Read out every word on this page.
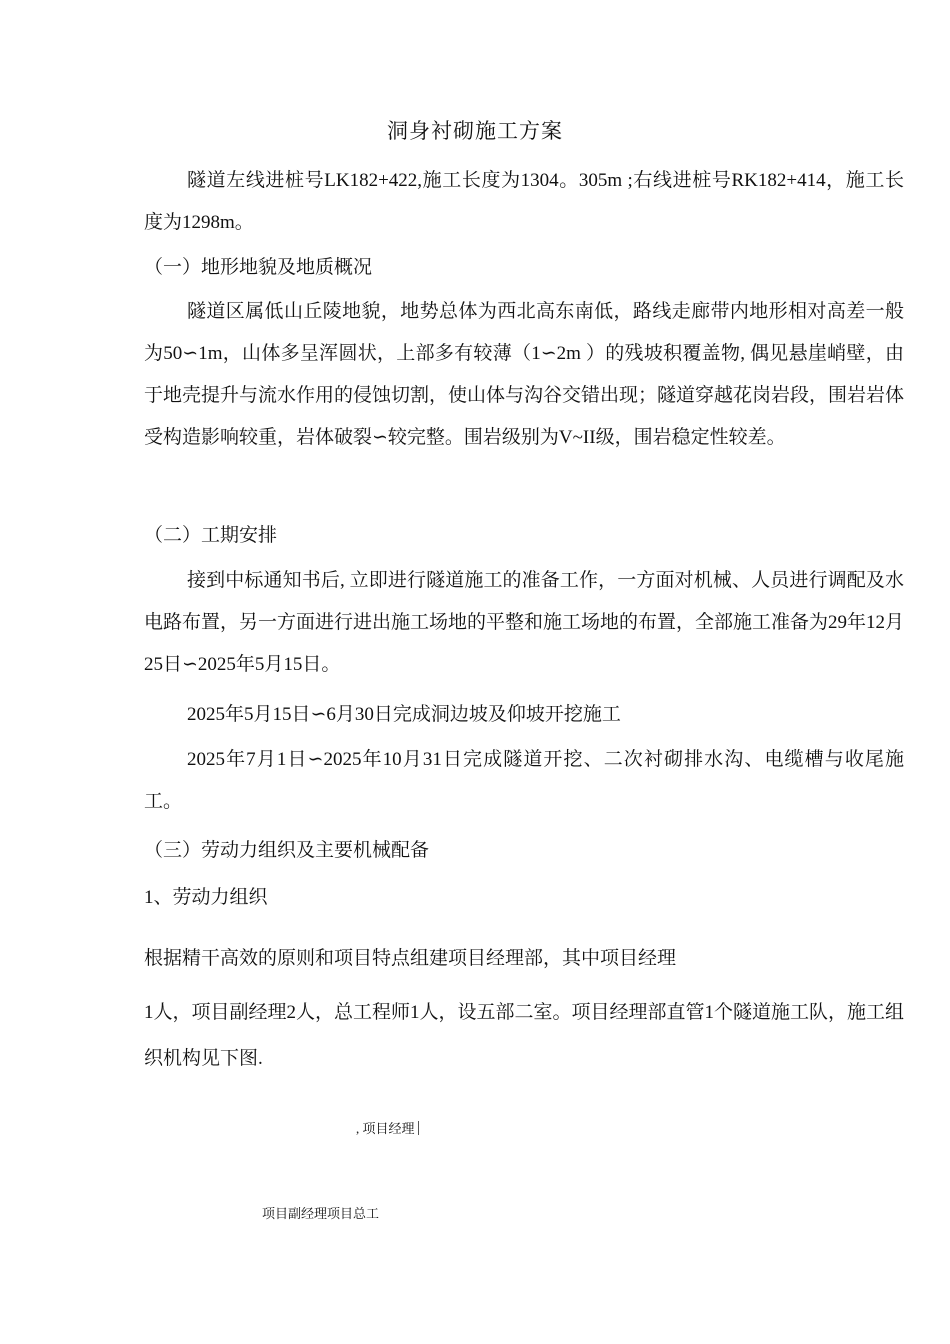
洞身衬砌施工方案
隧道左线进桩号LK182+422,施工长度为1304。305m ;右线进桩号RK182+414，施工长度为1298m。
（一）地形地貌及地质概况
隧道区属低山丘陵地貌，地势总体为西北高东南低，路线走廊带内地形相对高差一般为50∽1m，山体多呈浑圆状，上部多有较薄（1∽2m ）的残坡积覆盖物, 偶见悬崖峭壁，由于地壳提升与流水作用的侵蚀切割，使山体与沟谷交错出现；隧道穿越花岗岩段，围岩岩体受构造影响较重，岩体破裂∽较完整。围岩级别为V~II级，围岩稳定性较差。
（二）工期安排
接到中标通知书后, 立即进行隧道施工的准备工作，一方面对机械、人员进行调配及水电路布置，另一方面进行进出施工场地的平整和施工场地的布置，全部施工准备为29年12月25日∽2025年5月15日。
2025年5月15日∽6月30日完成洞边坡及仰坡开挖施工
2025年7月1日∽2025年10月31日完成隧道开挖、二次衬砌排水沟、电缆槽与收尾施工。
（三）劳动力组织及主要机械配备
1、劳动力组织
根据精干高效的原则和项目特点组建项目经理部，其中项目经理
1人，项目副经理2人，总工程师1人，设五部二室。项目经理部直管1个隧道施工队，施工组织机构见下图.
, 项目经理
项目副经理项目总工
